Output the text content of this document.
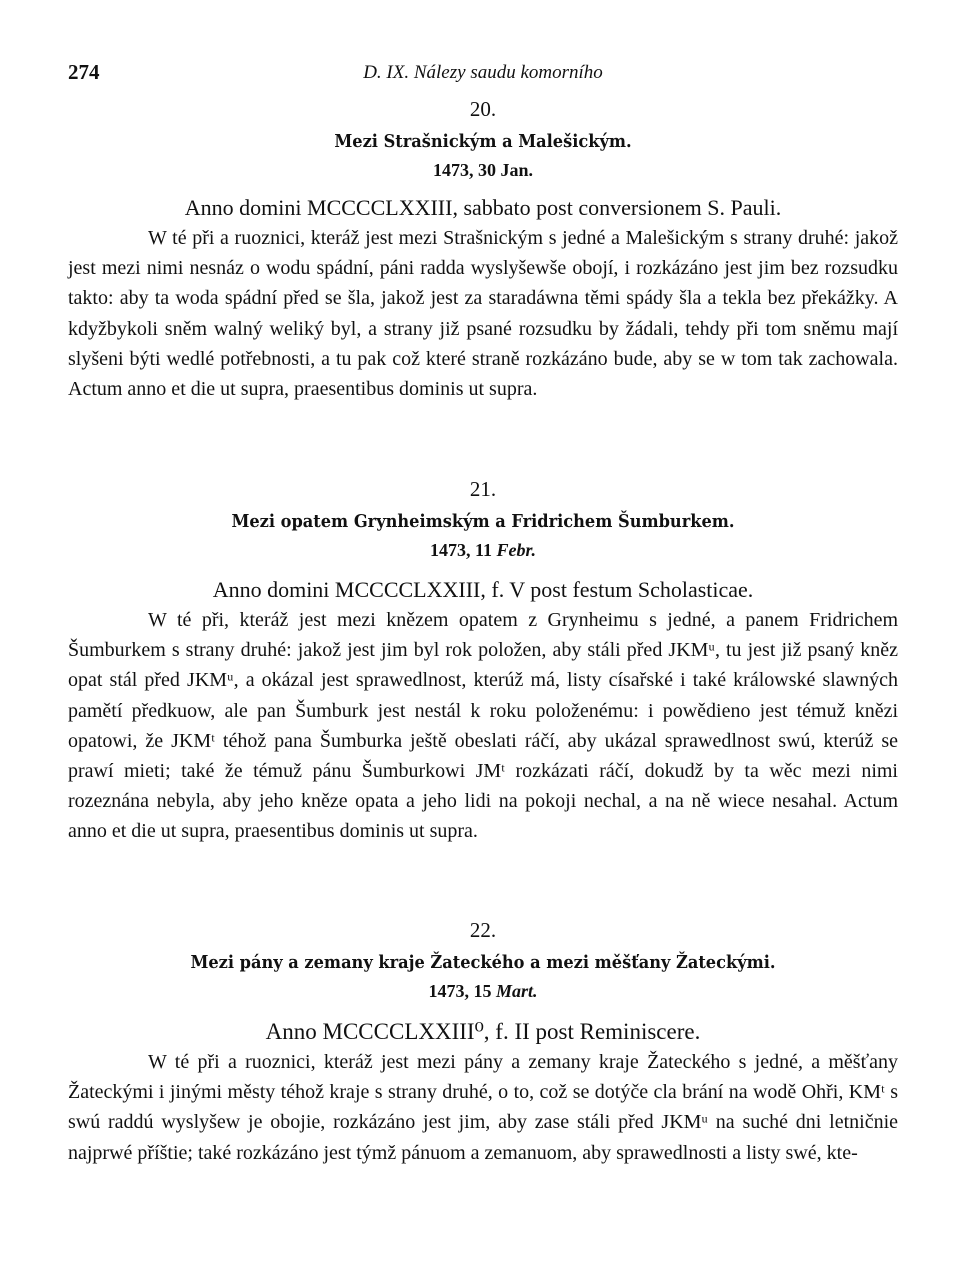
274	D. IX. Nálezy saudu komorního
20.
Mezi Strašnickým a Malešickým.
1473, 30 Jan.
Anno domini MCCCCLXXIII, sabbato post conversionem S. Pauli.

W té při a ruoznici, kteráž jest mezi Strašnickým s jedné a Malešickým s strany druhé: jakož jest mezi nimi nesnáz o wodu spádní, páni radda wyslyšewše obojí, i rozkázáno jest jim bez rozsudku takto: aby ta woda spádní před se šla, jakož jest za staradáwna těmi spády šla a tekla bez překážky. A kdyžbykoli sněm walný weliký byl, a strany již psané rozsudku by žádali, tehdy při tom sněmu mají slyšeni býti wedlé potřebnosti, a tu pak což které straně rozkázáno bude, aby se w tom tak zachowala. Actum anno et die ut supra, praesentibus dominis ut supra.

21.
Mezi opatem Grynheimským a Fridrichem Šumburkem.
1473, 11 Febr.
Anno domini MCCCCLXXIII, f. V post festum Scholasticae.

W té při, kteráž jest mezi knězem opatem z Grynheimu s jedné, a panem Fridrichem Šumburkem s strany druhé: jakož jest jim byl rok položen, aby stáli před JKMᵘ, tu jest již psaný kněz opat stál před JKMᵘ, a okázal jest sprawedlnost, kterúž má, listy císařské i také králowské slawných pamětí předkuow, ale pan Šumburk jest nestál k roku položenému: i powědieno jest témuž knězi opatowi, že JKMᵗ téhož pana Šumburka ještě obeslati ráčí, aby ukázal sprawedlnost swú, kterúž se prawí mieti; také že témuž pánu Šumburkowi JMᵗ rozkázati ráčí, dokudž by ta wěc mezi nimi rozeznána nebyla, aby jeho kněze opata a jeho lidi na pokoji nechal, a na ně wiece nesahal. Actum anno et die ut supra, praesentibus dominis ut supra.

22.
Mezi pány a zemany kraje Žateckého a mezi měšťany Žateckými.
1473, 15 Mart.
Anno MCCCCLXXIII⁰, f. II post Reminiscere.

W té při a ruoznici, kteráž jest mezi pány a zemany kraje Žateckého s jedné, a měšťany Žateckými i jinými městy téhož kraje s strany druhé, o to, což se dotýče cla brání na wodě Ohři, KMᵗ s swú raddú wyslyšew je obojie, rozkázáno jest jim, aby zase stáli před JKMᵘ na suché dni letničnie najprwé příštie; také rozkázáno jest týmž pánuom a zemanuom, aby sprawedlnosti a listy swé, kte-
